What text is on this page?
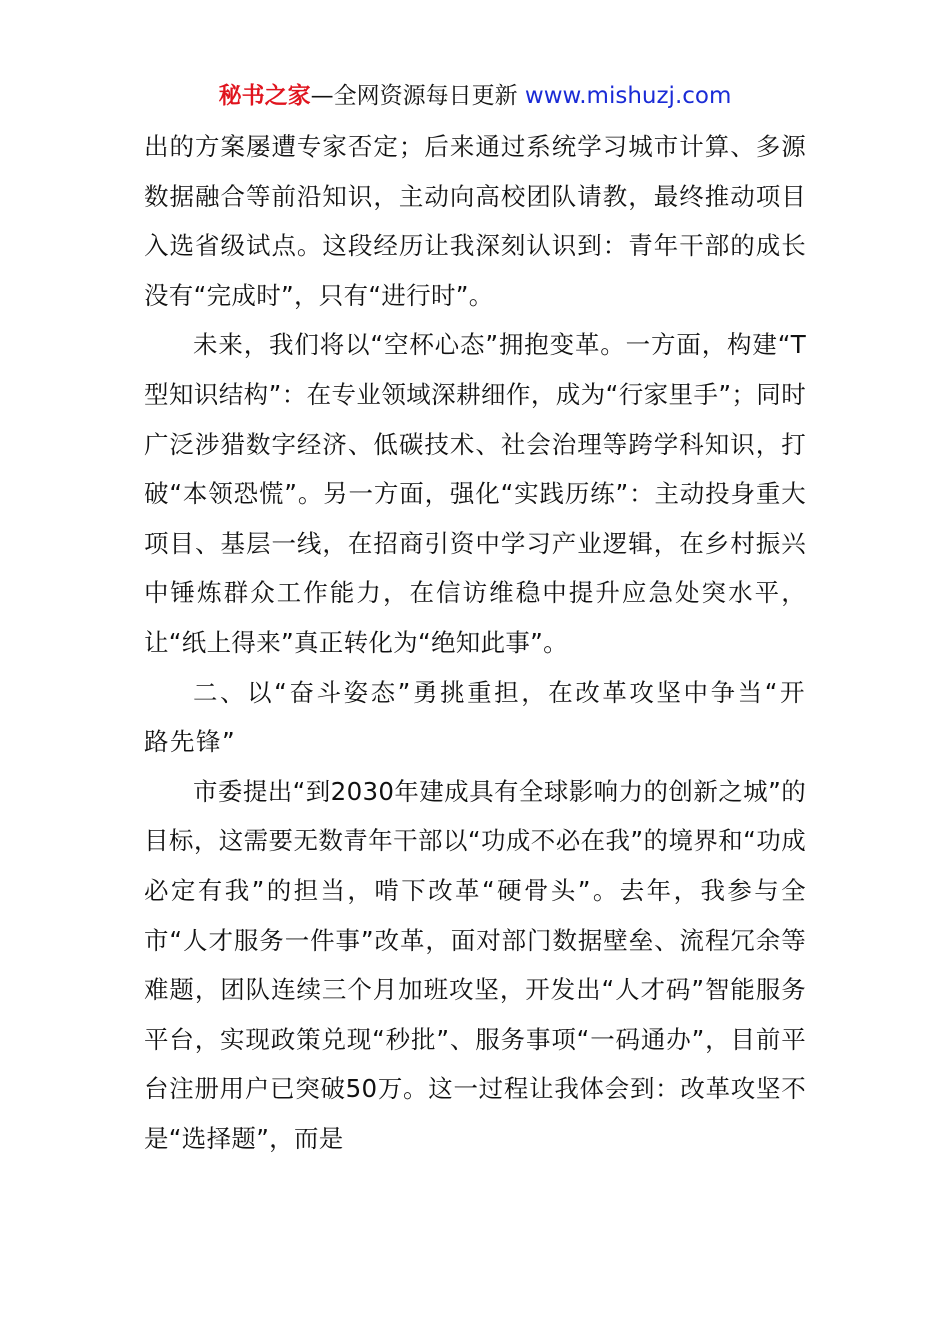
秘书之家—全网资源每日更新 www.mishuzj.com

出的方案屡遭专家否定；后来通过系统学习城市计算、多源数据融合等前沿知识，主动向高校团队请教，最终推动项目入选省级试点。这段经历让我深刻认识到：青年干部的成长没有“完成时”，只有“进行时”。

未来，我们将以“空杯心态”拥抱变革。一方面，构建“T型知识结构”：在专业领域深耕细作，成为“行家里手”；同时广泛涉猎数字经济、低碳技术、社会治理等跨学科知识，打破“本领恐慌”。另一方面，强化“实践历练”：主动投身重大项目、基层一线，在招商引资中学习产业逻辑，在乡村振兴中锤炼群众工作能力，在信访维稳中提升应急处突水平，让“纸上得来”真正转化为“绝知此事”。

二、以“奋斗姿态”勇挑重担，在改革攻坚中争当“开路先锋”

市委提出“到2030年建成具有全球影响力的创新之城”的目标，这需要无数青年干部以“功成不必在我”的境界和“功成必定有我”的担当，啃下改革“硬骨头”。去年，我参与全市“人才服务一件事”改革，面对部门数据壁垒、流程冗余等难题，团队连续三个月加班攻坚，开发出“人才码”智能服务平台，实现政策兑现“秒批”、服务事项“一码通办”，目前平台注册用户已突破50万。这一过程让我体会到：改革攻坚不是“选择题”，而是
